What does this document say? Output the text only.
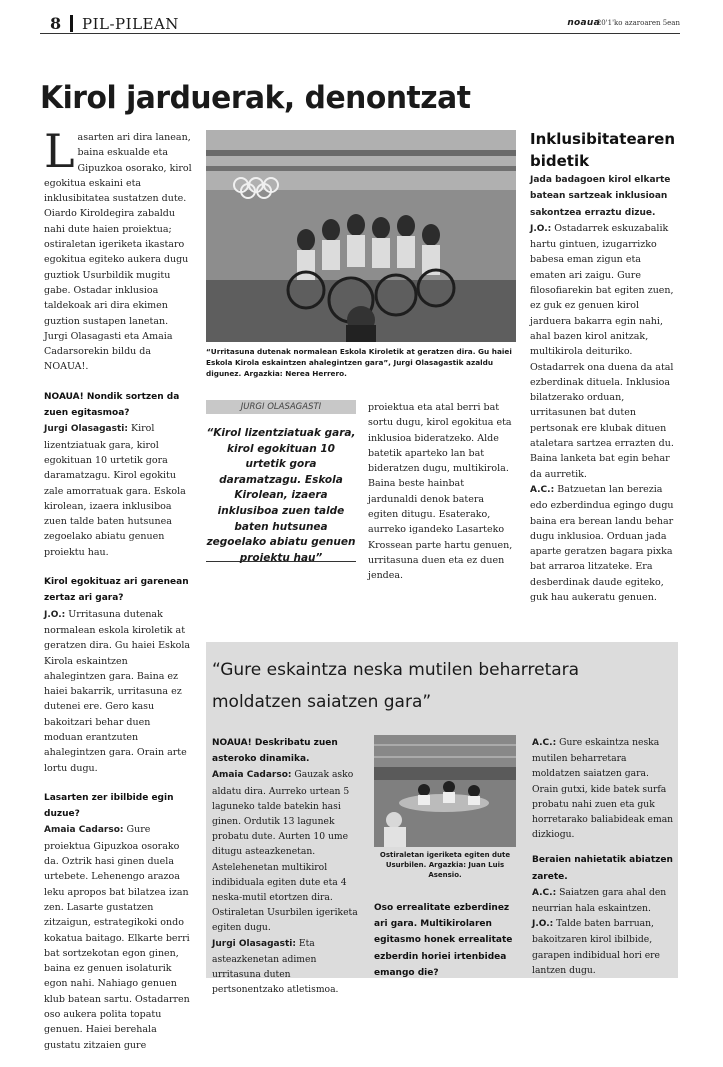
8 PIL-PILEAN	noaua
20'1'ko azaroaren 5ean
Kirol jarduerak, denontzat

Lasarten ari dira lanean, baina eskualde eta Gipuzkoa osorako, kirol egokitua eskaini eta inklusibitatea sustatzen dute. Oiardo Kiroldegira zabaldu nahi dute haien proiektua; ostiraletan igeriketa ikastaro egokitua egiteko aukera dugu guztiok Usurbildik mugitu gabe. Ostadar inklusioa taldekoak ari dira ekimen guztion sustapen lanetan. Jurgi Olasagasti eta Amaia Cadarsorekin bildu da NOAUA!.

NOAUA! Nondik sortzen da zuen egitasmoa?
Jurgi Olasagasti: Kirol lizentziatuak gara, kirol egokituan 10 urtetik gora daramatzagu. Kirol egokitu zale amorratuak gara. Eskola kirolean, izaera inklusiboa zuen talde baten hutsunea zegoelako abiatu genuen proiektu hau.

Kirol egokituaz ari garenean zertaz ari gara?
J.O.: Urritasuna dutenak normalean eskola kiroletik at geratzen dira. Gu haiei Eskola Kirola eskaintzen ahalegintzen gara. Baina ez haiei bakarrik, urritasuna ez dutenei ere. Gero kasu bakoitzari behar duen moduan erantzuten ahalegintzen gara. Orain arte lortu dugu.

Lasarten zer ibilbide egin duzue?
Amaia Cadarso: Gure proiektua Gipuzkoa osorako da. Oztrik hasi ginen duela urtebete. Lehenengo arazoa leku apropos bat bilatzea izan zen. Lasarte gustatzen zitzaigun, estrategikoki ondo kokatua baitago. Elkarte berri bat sortzekotan egon ginen, baina ez genuen isolaturik egon nahi. Nahiago genuen klub batean sartu. Ostadarren oso aukera polita topatu genuen. Haiei berehala gustatu zitzaien gure

“Urritasuna dutenak normalean Eskola Kiroletik at geratzen dira. Gu haiei Eskola Kirola eskaintzen ahalegintzen gara”, Jurgi Olasagastik azaldu digunez. Argazkia: Nerea Herrero.
JURGI OLASAGASTI
“Kirol lizentziatuak gara, kirol egokituan 10 urtetik gora daramatzagu. Eskola Kirolean, izaera inklusiboa zuen talde baten hutsunea zegoelako abiatu genuen proiektu hau”

proiektua eta atal berri bat sortu dugu, kirol egokitua eta inklusioa bideratzeko. Alde batetik aparteko lan bat bideratzen dugu, multikirola. Baina beste hainbat jardunaldi denok batera egiten ditugu. Esaterako, aurreko igandeko Lasarteko Krossean parte hartu genuen, urritasuna duen eta ez duen jendea.

Inklusibitatearen bidetik

Jada badagoen kirol elkarte batean sartzeak inklusioan sakontzea erraztu dizue.
J.O.: Ostadarrek eskuzabalik hartu gintuen, izugarrizko babesa eman zigun eta ematen ari zaigu. Gure filosofiarekin bat egiten zuen, ez guk ez genuen kirol jarduera bakarra egin nahi, ahal bazen kirol anitzak, multikirola deituriko. Ostadarrek ona duena da atal ezberdinak dituela. Inklusioa bilatzerako orduan, urritasunen bat duten pertsonak ere klubak dituen ataletara sartzea errazten du. Baina lanketa bat egin behar da aurretik.
A.C.: Batzuetan lan berezia edo ezberdindua egingo dugu baina era berean landu behar dugu inklusioa. Orduan jada aparte geratzen bagara pixka bat arraroa litzateke. Era desberdinak daude egiteko, guk hau aukeratu genuen.

“Gure eskaintza neska mutilen beharretara moldatzen saiatzen gara”

NOAUA! Deskribatu zuen asteroko dinamika.
Amaia Cadarso: Gauzak asko aldatu dira. Aurreko urtean 5 laguneko talde batekin hasi ginen. Ordutik 13 lagunek probatu dute. Aurten 10 ume ditugu asteazkenetan. Astelehenetan multikirol indibiduala egiten dute eta 4 neska-mutil etortzen dira. Ostiraletan Usurbilen igeriketa egiten dugu.
Jurgi Olasagasti: Eta asteazkenetan adimen urritasuna duten pertsonentzako atletismoa.

Ostiraletan igeriketa egiten dute Usurbilen. Argazkia: Juan Luis Asensio.

Oso errealitate ezberdinez ari gara. Multikirolaren egitasmo honek errealitate ezberdin horiei irtenbidea emango die?

A.C.: Gure eskaintza neska mutilen beharretara moldatzen saiatzen gara. Orain gutxi, kide batek surfa probatu nahi zuen eta guk horretarako baliabideak eman dizkiogu.

Beraien nahietatik abiatzen zarete.
A.C.: Saiatzen gara ahal den neurrian hala eskaintzen.
J.O.: Talde baten barruan, bakoitzaren kirol ibilbide, garapen indibidual hori ere lantzen dugu.
